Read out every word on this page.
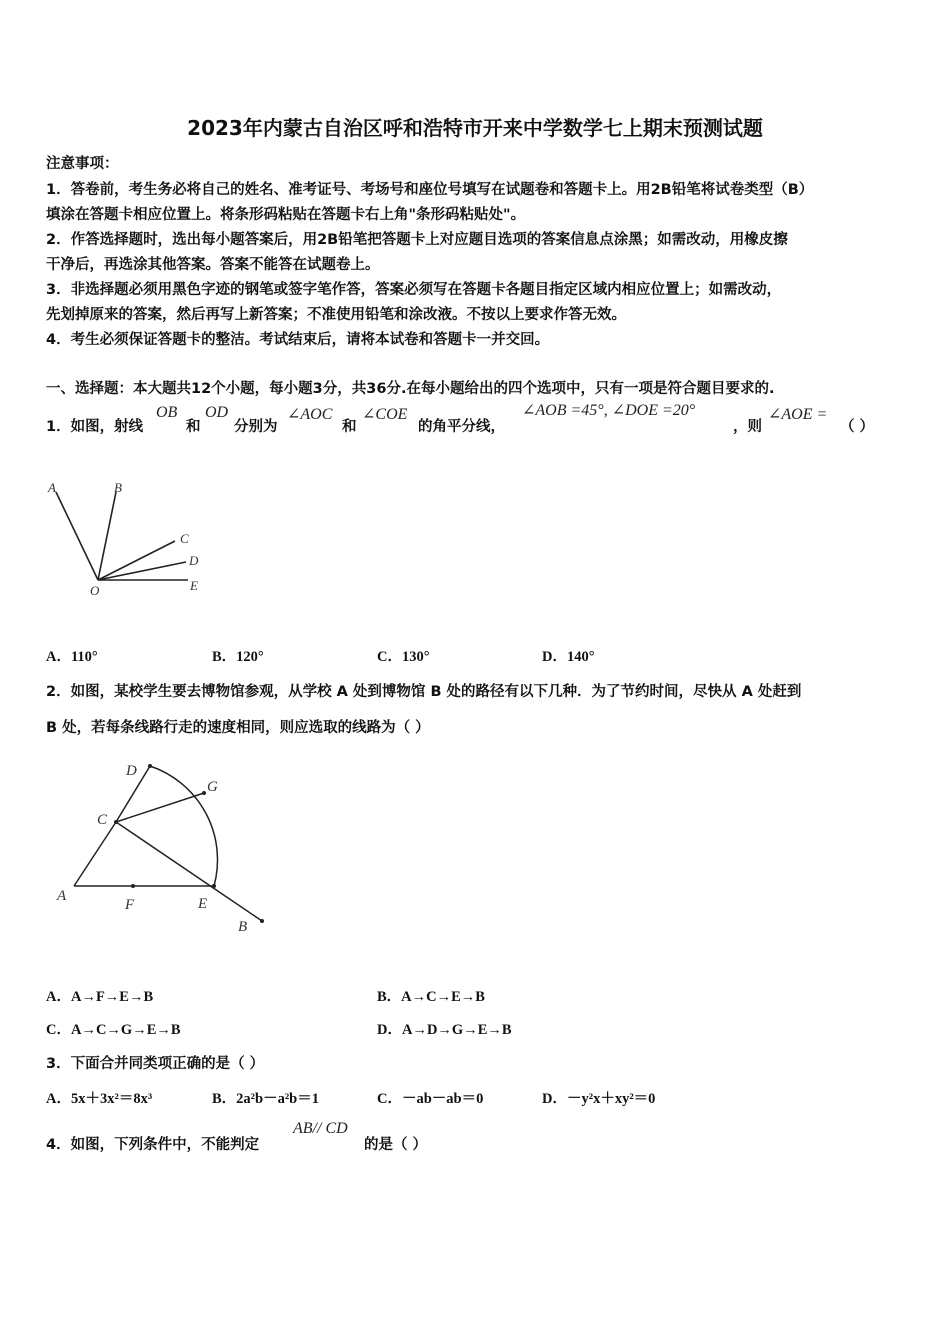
2023年内蒙古自治区呼和浩特市开来中学数学七上期末预测试题
注意事项：
1．答卷前，考生务必将自己的姓名、准考证号、考场号和座位号填写在试题卷和答题卡上。用2B铅笔将试卷类型（B）
填涂在答题卡相应位置上。将条形码粘贴在答题卡右上角"条形码粘贴处"。
2．作答选择题时，选出每小题答案后，用2B铅笔把答题卡上对应题目选项的答案信息点涂黑；如需改动，用橡皮擦
干净后，再选涂其他答案。答案不能答在试题卷上。
3．非选择题必须用黑色字迹的钢笔或签字笔作答，答案必须写在答题卡各题目指定区域内相应位置上；如需改动，
先划掉原来的答案，然后再写上新答案；不准使用铅笔和涂改液。不按以上要求作答无效。
4．考生必须保证答题卡的整洁。考试结束后，请将本试卷和答题卡一并交回。
一、选择题：本大题共12个小题，每小题3分，共36分.在每小题给出的四个选项中，只有一项是符合题目要求的.
1．如图，射线
OB
和
OD
分别为
∠AOC
和
∠COE
的角平分线，
∠AOB =45°, ∠DOE =20°
，则
∠AOE =
（ ）
A	B
C
D
E
O
A．110°	B．120°	C．130°	D．140°
2．如图，某校学生要去博物馆参观，从学校 A 处到博物馆 B 处的路径有以下几种．为了节约时间，尽快从 A 处赶到
B 处，若每条线路行走的速度相同，则应选取的线路为（ ）
D
G
C
A
F	E
B
A．A→F→E→B	B．A→C→E→B
C．A→C→G→E→B	D．A→D→G→E→B
3．下面合并同类项正确的是（ ）
A．5x＋3x²＝8x³	B．2a²b－a²b＝1	C．－ab－ab＝0	D．－y²x＋xy²＝0
4．如图，下列条件中，不能判定
AB// CD
的是（ ）
